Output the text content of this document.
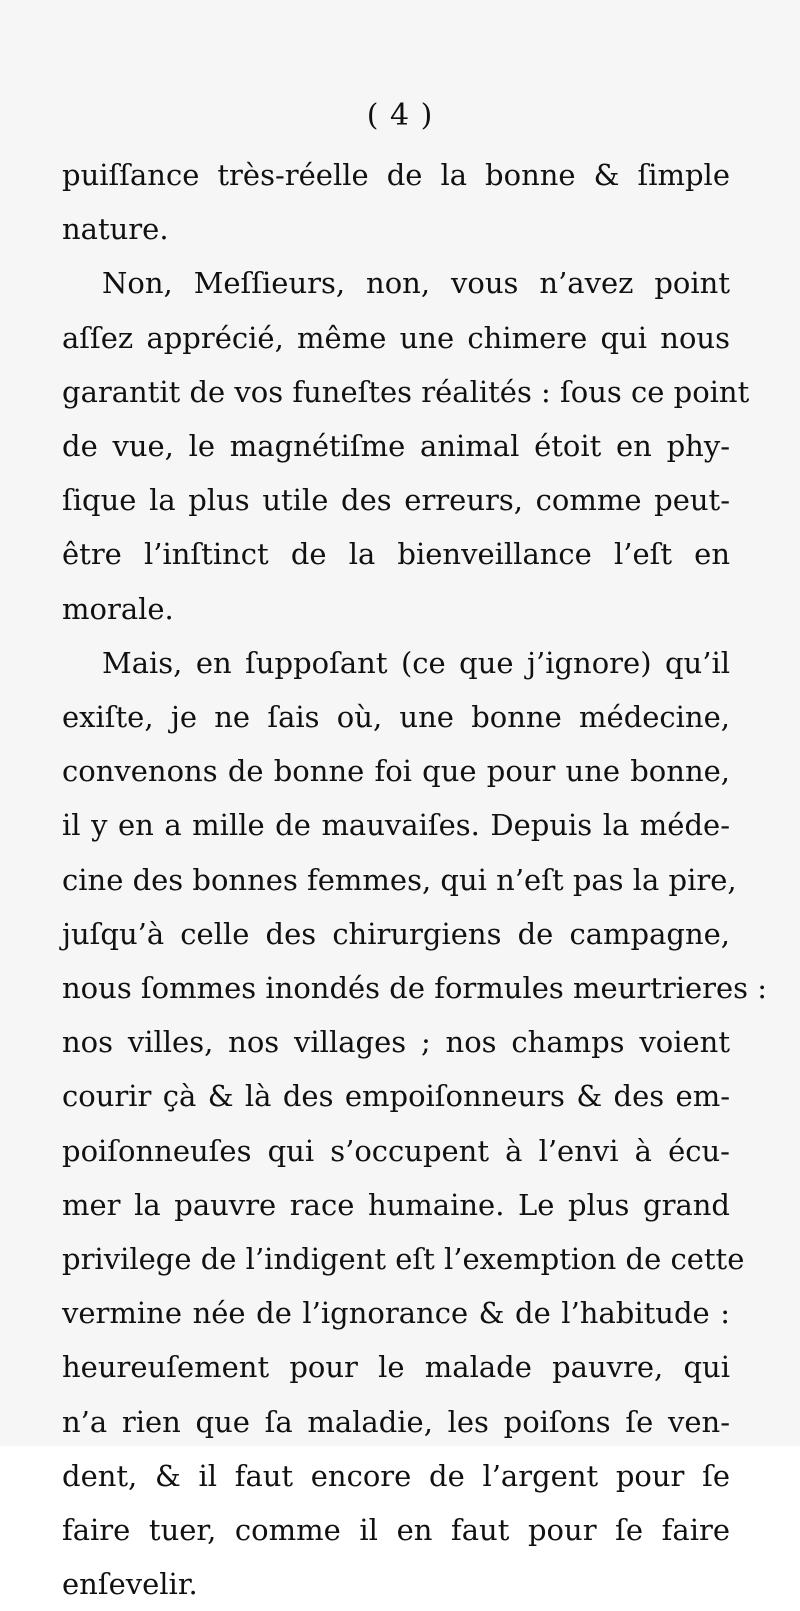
( 4 )
puiſſance très-réelle de la bonne & ſimple
nature.
Non, Meſſieurs, non, vous n’avez point
aſſez apprécié, même une chimere qui nous
garantit de vos funeſtes réalités : ſous ce point
de vue, le magnétiſme animal étoit en phy-
ſique la plus utile des erreurs, comme peut-
être l’inſtinct de la bienveillance l’eſt en
morale.
Mais, en ſuppoſant (ce que j’ignore) qu’il
exiſte, je ne ſais où, une bonne médecine,
convenons de bonne foi que pour une bonne,
il y en a mille de mauvaiſes. Depuis la méde-
cine des bonnes femmes, qui n’eſt pas la pire,
juſqu’à celle des chirurgiens de campagne,
nous ſommes inondés de formules meurtrieres :
nos villes, nos villages ; nos champs voient
courir çà & là des empoiſonneurs & des em-
poiſonneuſes qui s’occupent à l’envi à écu-
mer la pauvre race humaine. Le plus grand
privilege de l’indigent eſt l’exemption de cette
vermine née de l’ignorance & de l’habitude :
heureuſement pour le malade pauvre, qui
n’a rien que ſa maladie, les poiſons ſe ven-
dent, & il faut encore de l’argent pour ſe
faire tuer, comme il en faut pour ſe faire
enſevelir.
